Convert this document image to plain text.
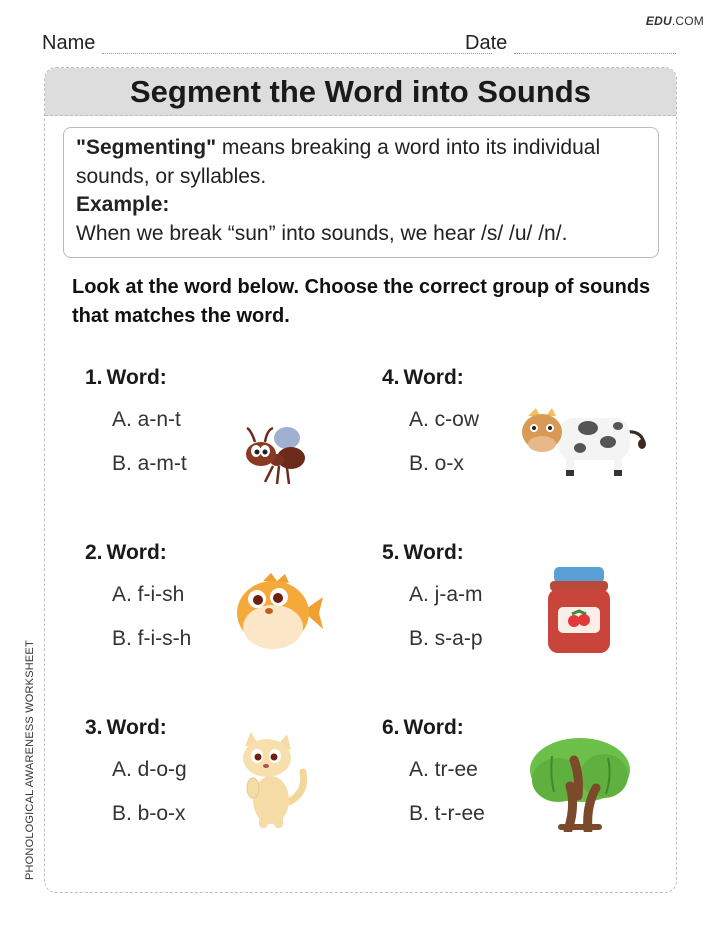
EDU.COM
Name	Date
Segment the Word into Sounds
"Segmenting" means breaking a word into its individual sounds, or syllables.
Example:
When we break “sun” into sounds, we hear /s/ /u/ /n/.
Look at the word below. Choose the correct group of sounds that matches the word.
1. Word:
A. a-n-t
B. a-m-t
2. Word:
A. f-i-sh
B. f-i-s-h
3. Word:
A. d-o-g
B. b-o-x
4. Word:
A. c-ow
B. o-x
5. Word:
A. j-a-m
B. s-a-p
6. Word:
A. tr-ee
B. t-r-ee
PHONOLOGICAL AWARENESS WORKSHEET
